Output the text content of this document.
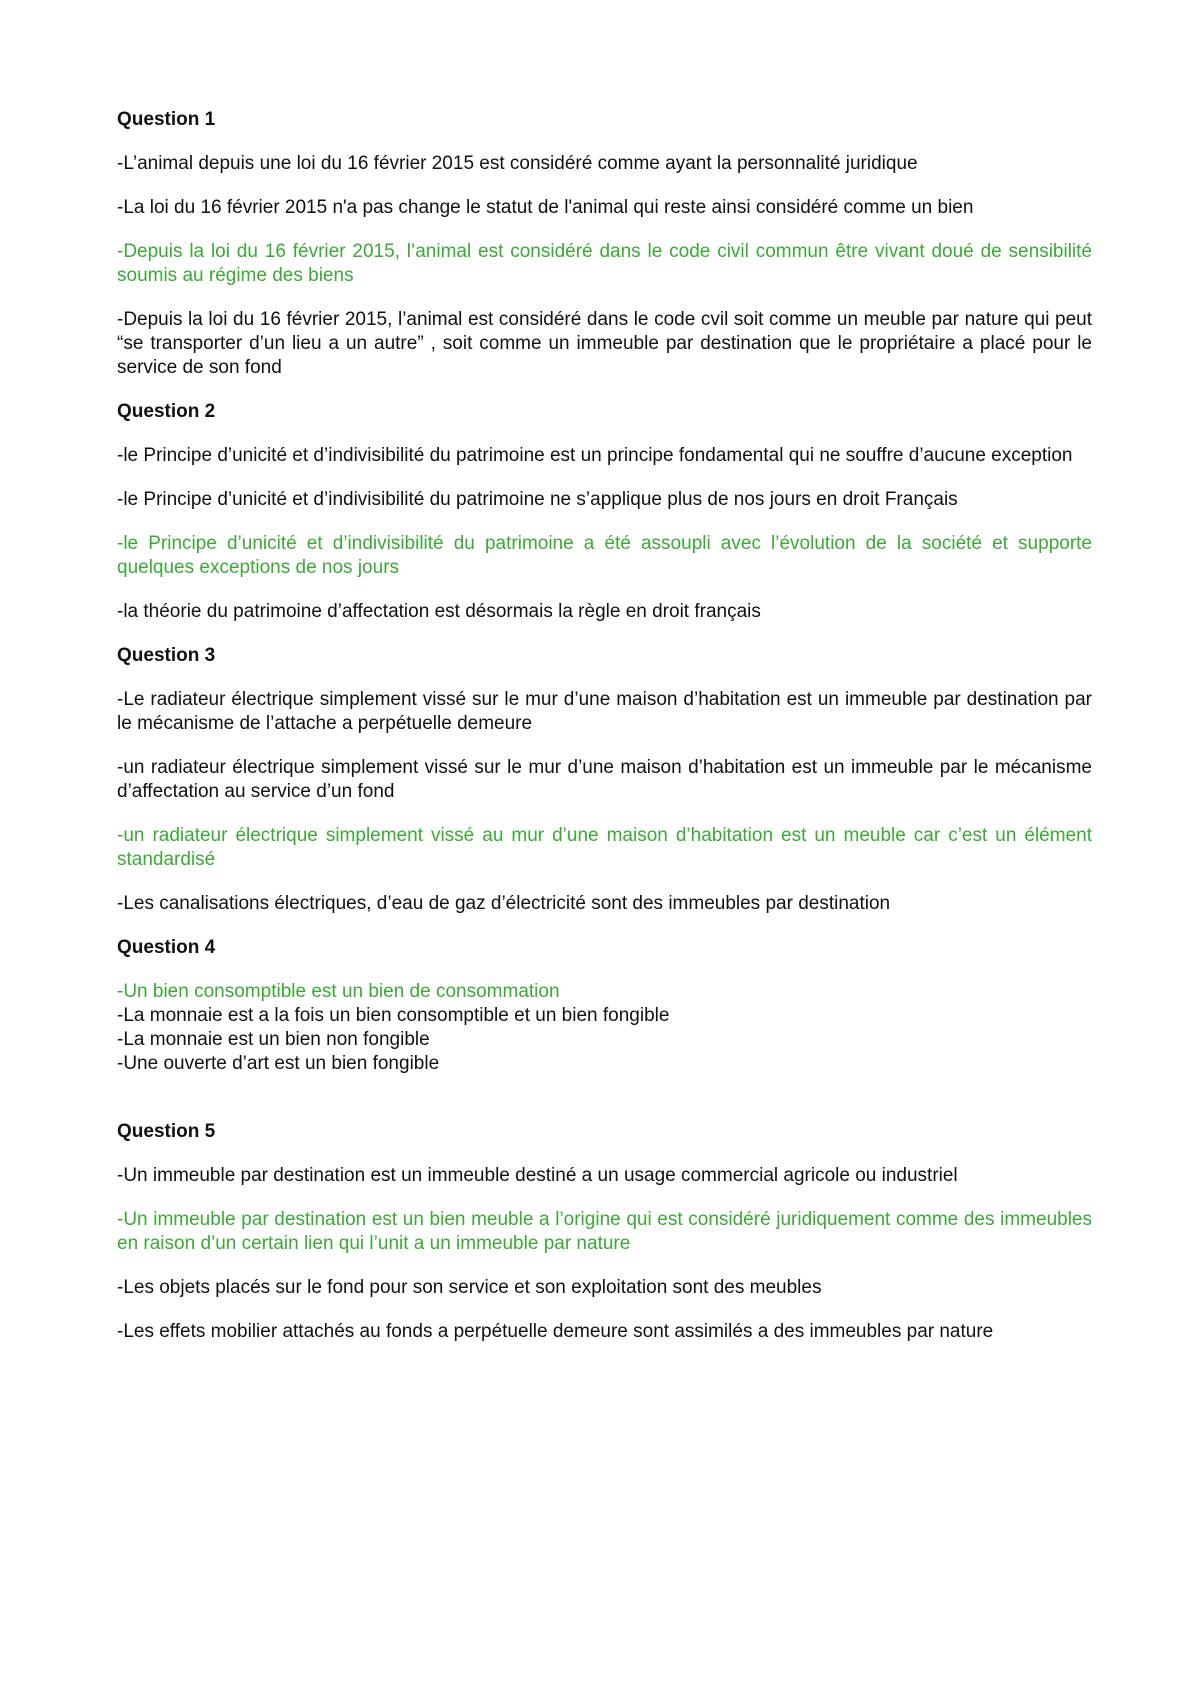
Question 1

-L’animal depuis une loi du 16 février 2015 est considéré comme ayant la personnalité juridique

-La loi du 16 février 2015 n'a pas change le statut de l'animal qui reste ainsi considéré comme un bien

-Depuis la loi du 16 février 2015, l’animal est considéré dans le code civil commun être vivant doué de sensibilité soumis au régime des biens

-Depuis la loi du 16 février 2015, l’animal est considéré dans le code cvil soit comme un meuble par nature qui peut “se transporter d’un lieu a un autre” , soit comme un immeuble par destination que le propriétaire a placé pour le service de son fond

Question 2

-le Principe d’unicité et d’indivisibilité du patrimoine est un principe fondamental qui ne souffre d’aucune exception

-le Principe d’unicité et d’indivisibilité du patrimoine ne s’applique plus de nos jours en droit Français

-le Principe d’unicité et d’indivisibilité du patrimoine a été assoupli avec l’évolution de la société et supporte quelques exceptions de nos jours

-la théorie du patrimoine d’affectation est désormais la règle en droit français

Question 3

-Le radiateur électrique simplement vissé sur le mur d’une maison d’habitation est un immeuble par destination par le mécanisme de l’attache a perpétuelle demeure

-un radiateur électrique simplement vissé sur le mur d’une maison d’habitation est un immeuble par le mécanisme d’affectation au service d’un fond

-un radiateur électrique simplement vissé au mur d’une maison d’habitation est un meuble car c’est un élément standardisé

-Les canalisations électriques, d’eau de gaz d’électricité sont des immeubles par destination

Question 4

-Un bien consomptible est un bien de consommation

-La monnaie est a la fois un bien consomptible et un bien fongible

-La monnaie est un bien non fongible

-Une ouverte d’art est un bien fongible

Question 5

-Un immeuble par destination est un immeuble destiné a un usage commercial agricole ou industriel

-Un immeuble par destination est un bien meuble a l’origine qui est considéré juridiquement comme des immeubles en raison d’un certain lien qui l’unit a un immeuble par nature

-Les objets placés sur le fond pour son service et son exploitation sont des meubles

-Les effets mobilier attachés au fonds a perpétuelle demeure sont assimilés a des immeubles par nature
